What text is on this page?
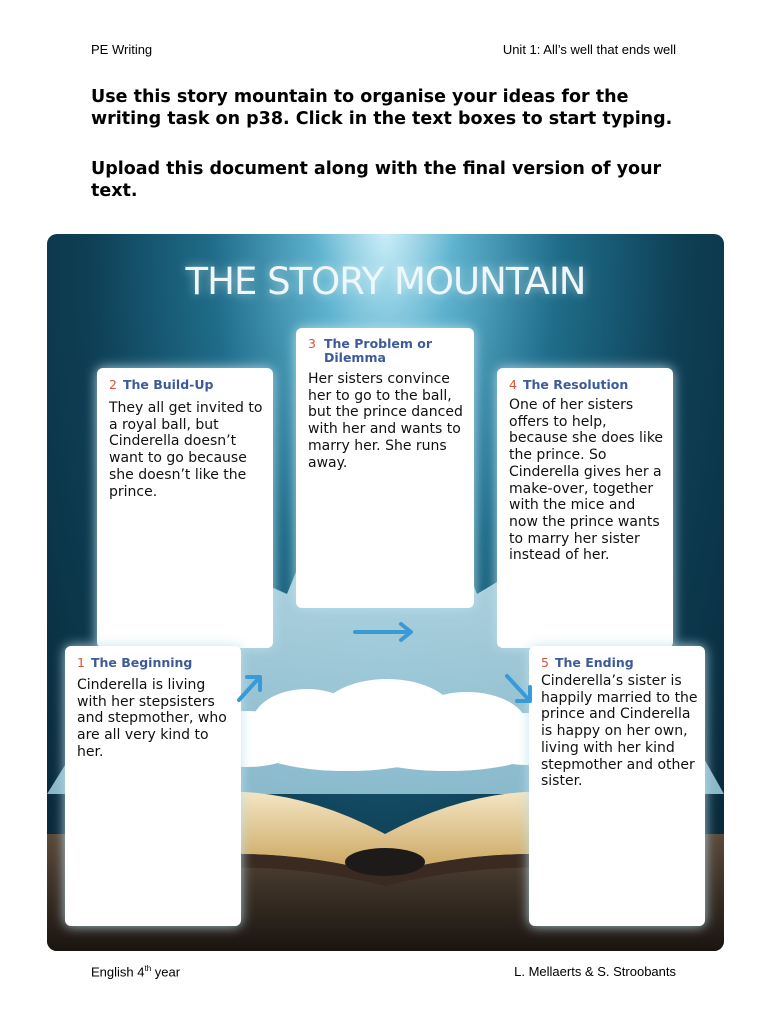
PE Writing	Unit 1: All’s well that ends well
Use this story mountain to organise your ideas for the writing task on p38. Click in the text boxes to start typing.
Upload this document along with the final version of your text.
THE STORY MOUNTAIN
2 The Build-Up
They all get invited to a royal ball, but Cinderella doesn’t want to go because she doesn’t like the prince.
3 The Problem or Dilemma
Her sisters convince her to go to the ball, but the prince danced with her and wants to marry her. She runs away.
4 The Resolution
One of her sisters offers to help, because she does like the prince. So Cinderella gives her a make-over, together with the mice and now the prince wants to marry her sister instead of her.
1 The Beginning
Cinderella is living with her stepsisters and stepmother, who are all very kind to her.
5 The Ending
Cinderella’s sister is happily married to the prince and Cinderella is happy on her own, living with her kind stepmother and other sister.
English 4th year	L. Mellaerts & S. Stroobants
